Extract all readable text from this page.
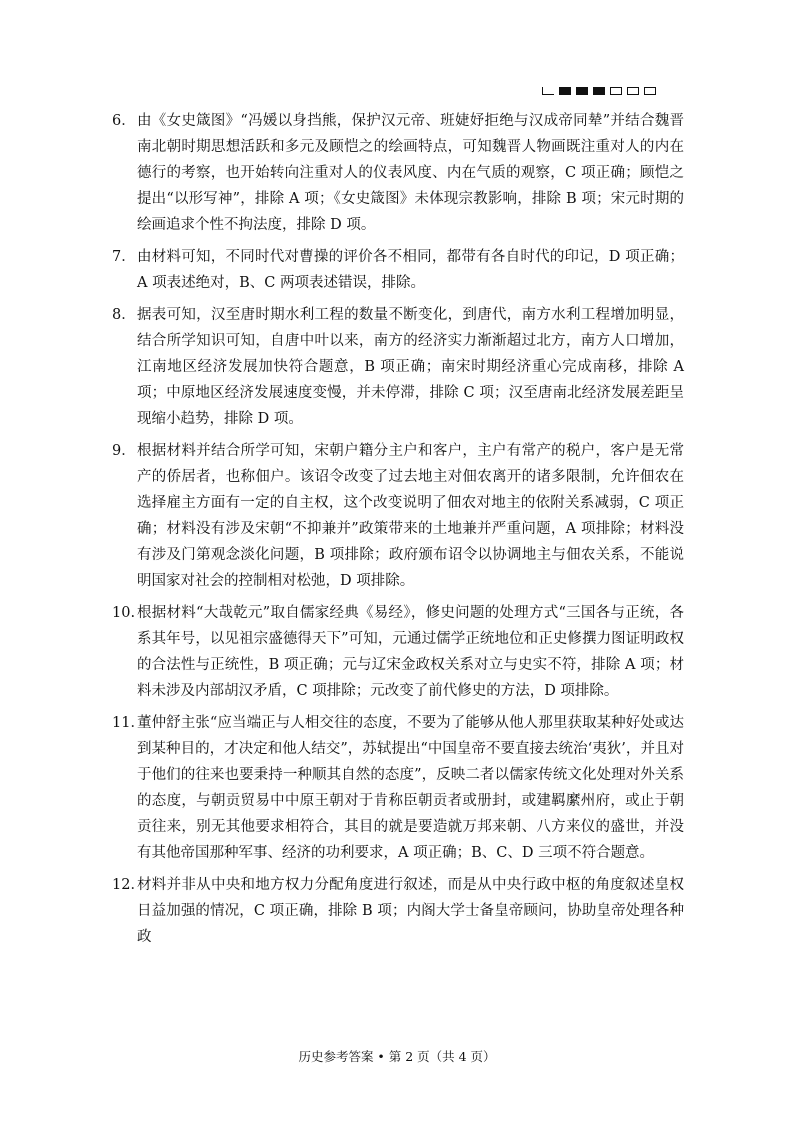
6． 由《女史箴图》“冯媛以身挡熊，保护汉元帝、班婕妤拒绝与汉成帝同辇”并结合魏晋南北朝时期思想活跃和多元及顾恺之的绘画特点，可知魏晋人物画既注重对人的内在德行的考察，也开始转向注重对人的仪表风度、内在气质的观察，C 项正确；顾恺之提出“以形写神”，排除 A 项；《女史箴图》未体现宗教影响，排除 B 项；宋元时期的绘画追求个性不拘法度，排除 D 项。
7． 由材料可知，不同时代对曹操的评价各不相同，都带有各自时代的印记，D 项正确；A 项表述绝对，B、C 两项表述错误，排除。
8． 据表可知，汉至唐时期水利工程的数量不断变化，到唐代，南方水利工程增加明显，结合所学知识可知，自唐中叶以来，南方的经济实力渐渐超过北方，南方人口增加，江南地区经济发展加快符合题意，B 项正确；南宋时期经济重心完成南移，排除 A 项；中原地区经济发展速度变慢，并未停滞，排除 C 项；汉至唐南北经济发展差距呈现缩小趋势，排除 D 项。
9． 根据材料并结合所学可知，宋朝户籍分主户和客户，主户有常产的税户，客户是无常产的侨居者，也称佃户。该诏令改变了过去地主对佃农离开的诸多限制，允许佃农在选择雇主方面有一定的自主权，这个改变说明了佃农对地主的依附关系减弱，C 项正确；材料没有涉及宋朝“不抑兼并”政策带来的土地兼并严重问题，A 项排除；材料没有涉及门第观念淡化问题，B 项排除；政府颁布诏令以协调地主与佃农关系，不能说明国家对社会的控制相对松弛，D 项排除。
10. 根据材料“大哉乾元”取自儒家经典《易经》，修史问题的处理方式“三国各与正统，各系其年号，以见祖宗盛德得天下”可知，元通过儒学正统地位和正史修撰力图证明政权的合法性与正统性，B 项正确；元与辽宋金政权关系对立与史实不符，排除 A 项；材料未涉及内部胡汉矛盾，C 项排除；元改变了前代修史的方法，D 项排除。
11．
董仲舒主张“应当端正与人相交往的态度，不要为了能够从他人那里获取某种好处或达到某种目的，才决定和他人结交”，苏轼提出“中国皇帝不要直接去统治‘夷狄’，并且对于他们的往来也要秉持一种顺其自然的态度”，反映二者以儒家传统文化处理对外关系的态度，与朝贡贸易中中原王朝对于肯称臣朝贡者或册封，或建羁縻州府，或止于朝贡往来，别无其他要求相符合，其目的就是要造就万邦来朝、八方来仪的盛世，并没有其他帝国那种军事、经济的功利要求，A 项正确；B、C、D 三项不符合题意。
12．
材料并非从中央和地方权力分配角度进行叙述，而是从中央行政中枢的角度叙述皇权日益加强的情况，C 项正确，排除 B 项；内阁大学士备皇帝顾问，协助皇帝处理各种政
历史参考答案 • 第 2 页（共 4 页）
